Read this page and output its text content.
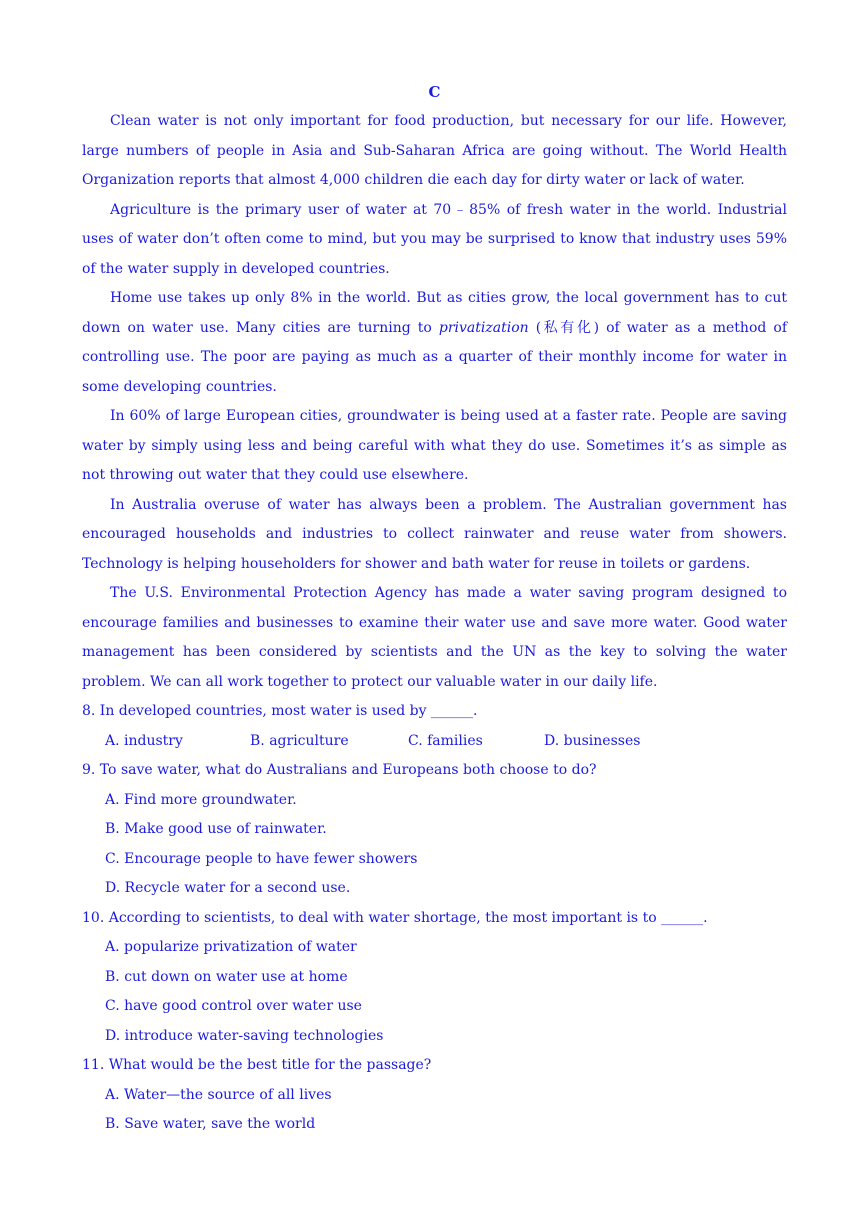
C

Clean water is not only important for food production, but necessary for our life. However, large numbers of people in Asia and Sub-Saharan Africa are going without. The World Health Organization reports that almost 4,000 children die each day for dirty water or lack of water.

Agriculture is the primary user of water at 70﹣85% of fresh water in the world. Industrial uses of water don’t often come to mind, but you may be surprised to know that industry uses 59% of the water supply in developed countries.

Home use takes up only 8% in the world. But as cities grow, the local government has to cut down on water use. Many cities are turning to privatization (私有化) of water as a method of controlling use. The poor are paying as much as a quarter of their monthly income for water in some developing countries.

In 60% of large European cities, groundwater is being used at a faster rate. People are saving water by simply using less and being careful with what they do use. Sometimes it’s as simple as not throwing out water that they could use elsewhere.

In Australia overuse of water has always been a problem. The Australian government has encouraged households and industries to collect rainwater and reuse water from showers. Technology is helping householders for shower and bath water for reuse in toilets or gardens.

The U.S. Environmental Protection Agency has made a water saving program designed to encourage families and businesses to examine their water use and save more water. Good water management has been considered by scientists and the UN as the key to solving the water problem. We can all work together to protect our valuable water in our daily life.

8. In developed countries, most water is used by ______.

A. industry	B. agriculture	C. families	D. businesses

9. To save water, what do Australians and Europeans both choose to do?

A. Find more groundwater.

B. Make good use of rainwater.

C. Encourage people to have fewer showers

D. Recycle water for a second use.

10. According to scientists, to deal with water shortage, the most important is to ______.

A. popularize privatization of water

B. cut down on water use at home

C. have good control over water use

D. introduce water-saving technologies

11. What would be the best title for the passage?

A. Water—the source of all lives

B. Save water, save the world
